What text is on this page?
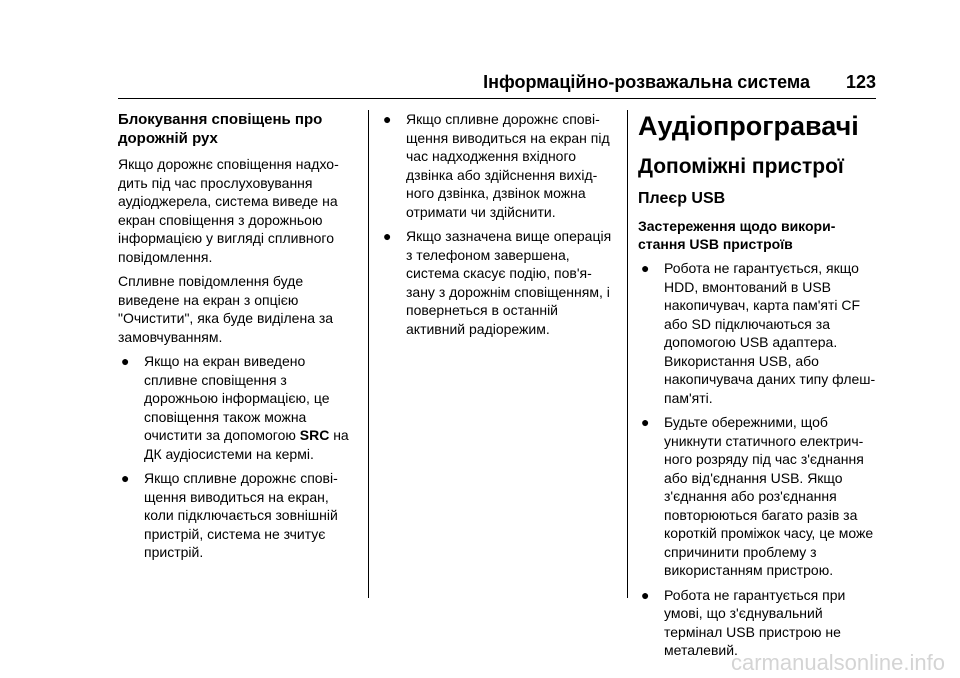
Інформаційно-розважальна система	123
Блокування сповіщень про дорожній рух

Якщо дорожнє сповіщення надхо-дить під час прослуховування аудіоджерела, система виведе на екран сповіщення з дорожньою інформацією у вигляді спливного повідомлення.

Спливне повідомлення буде виведене на екран з опцією "Очистити", яка буде виділена за замовчуванням.

● Якщо на екран виведено спливне сповіщення з дорожньою інформацією, це сповіщення також можна очистити за допомогою SRC на ДК аудіосистеми на кермі.
● Якщо спливне дорожнє спові-щення виводиться на екран, коли підключається зовнішній пристрій, система не зчитує пристрій.
● Якщо спливне дорожнє спові-щення виводиться на екран під час надходження вхідного дзвінка або здійснення вихід-ного дзвінка, дзвінок можна отримати чи здійснити.
● Якщо зазначена вище операція з телефоном завершена, система скасує подію, пов'я-зану з дорожнім сповіщенням, і повернеться в останній активний радіорежим.
Аудіопрогравачі
Допоміжні пристрої
Плеєр USB
Застереження щодо викори-стання USB пристроїв
● Робота не гарантується, якщо HDD, вмонтований в USB накопичувач, карта пам'яті CF або SD підключаються за допомогою USB адаптера. Використання USB, або накопичувача даних типу флеш-пам'яті.
● Будьте обережними, щоб уникнути статичного електрич-ного розряду під час з'єднання або від'єднання USB. Якщо з'єднання або роз'єднання повторюються багато разів за короткій проміжок часу, це може спричинити проблему з використанням пристрою.
● Робота не гарантується при умові, що з'єднувальний термінал USB пристрою не металевий.
carmanualsonline.info
